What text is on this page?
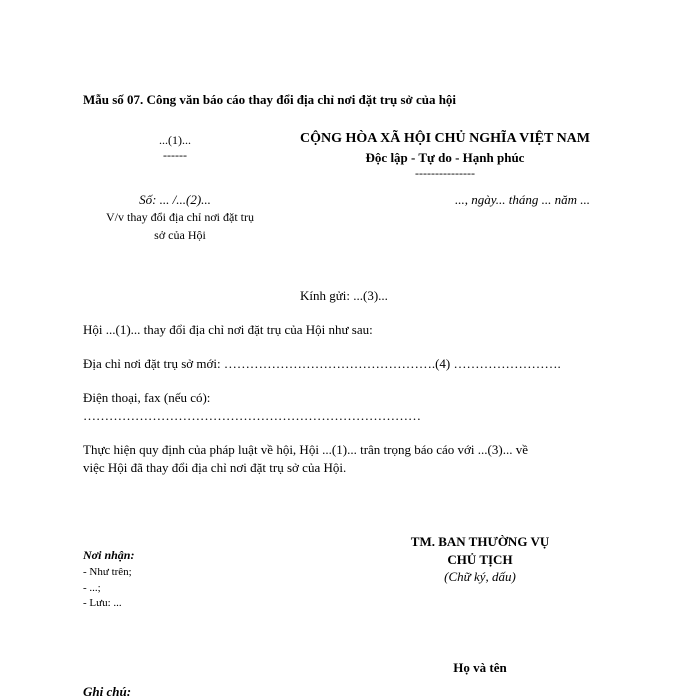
Mẫu số 07. Công văn báo cáo thay đổi địa chỉ nơi đặt trụ sở của hội
...(1)...
------
CỘNG HÒA XÃ HỘI CHỦ NGHĨA VIỆT NAM
Độc lập - Tự do - Hạnh phúc
---------------
Số: ... /...(2)...
V/v thay đổi địa chỉ nơi đặt trụ
sở của Hội
..., ngày... tháng ... năm ...
Kính gửi: ...(3)...
Hội ...(1)... thay đổi địa chỉ nơi đặt trụ của Hội như sau:
Địa chỉ nơi đặt trụ sở mới: ………………………………………….(4) …………………….
Điện thoại, fax (nếu có):
……………………………………………………………………
Thực hiện quy định của pháp luật về hội, Hội ...(1)... trân trọng báo cáo với ...(3)... về
việc Hội đã thay đổi địa chỉ nơi đặt trụ sở của Hội.
Nơi nhận:
- Như trên;
- ...;
- Lưu: ...
TM. BAN THƯỜNG VỤ
CHỦ TỊCH
(Chữ ký, dấu)
Họ và tên
Ghi chú:
